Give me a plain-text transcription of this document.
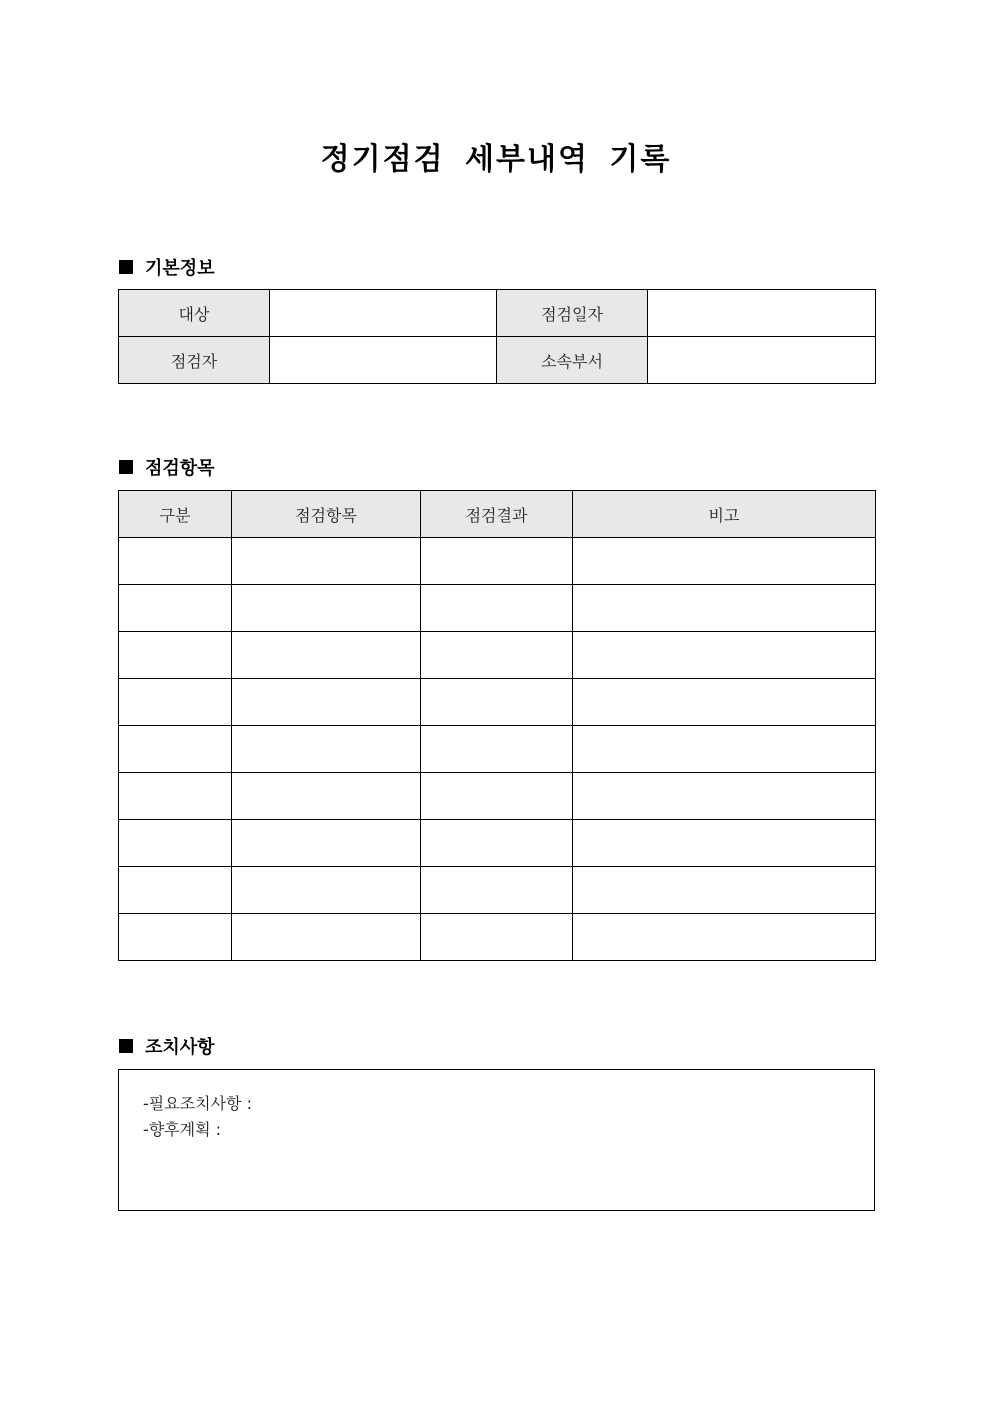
정기점검 세부내역 기록
기본정보
대상		점검일자	
점검자		소속부서	
점검항목
구분	점검항목	점검결과	비고

조치사항
-필요조치사항 :
-향후계획 :
